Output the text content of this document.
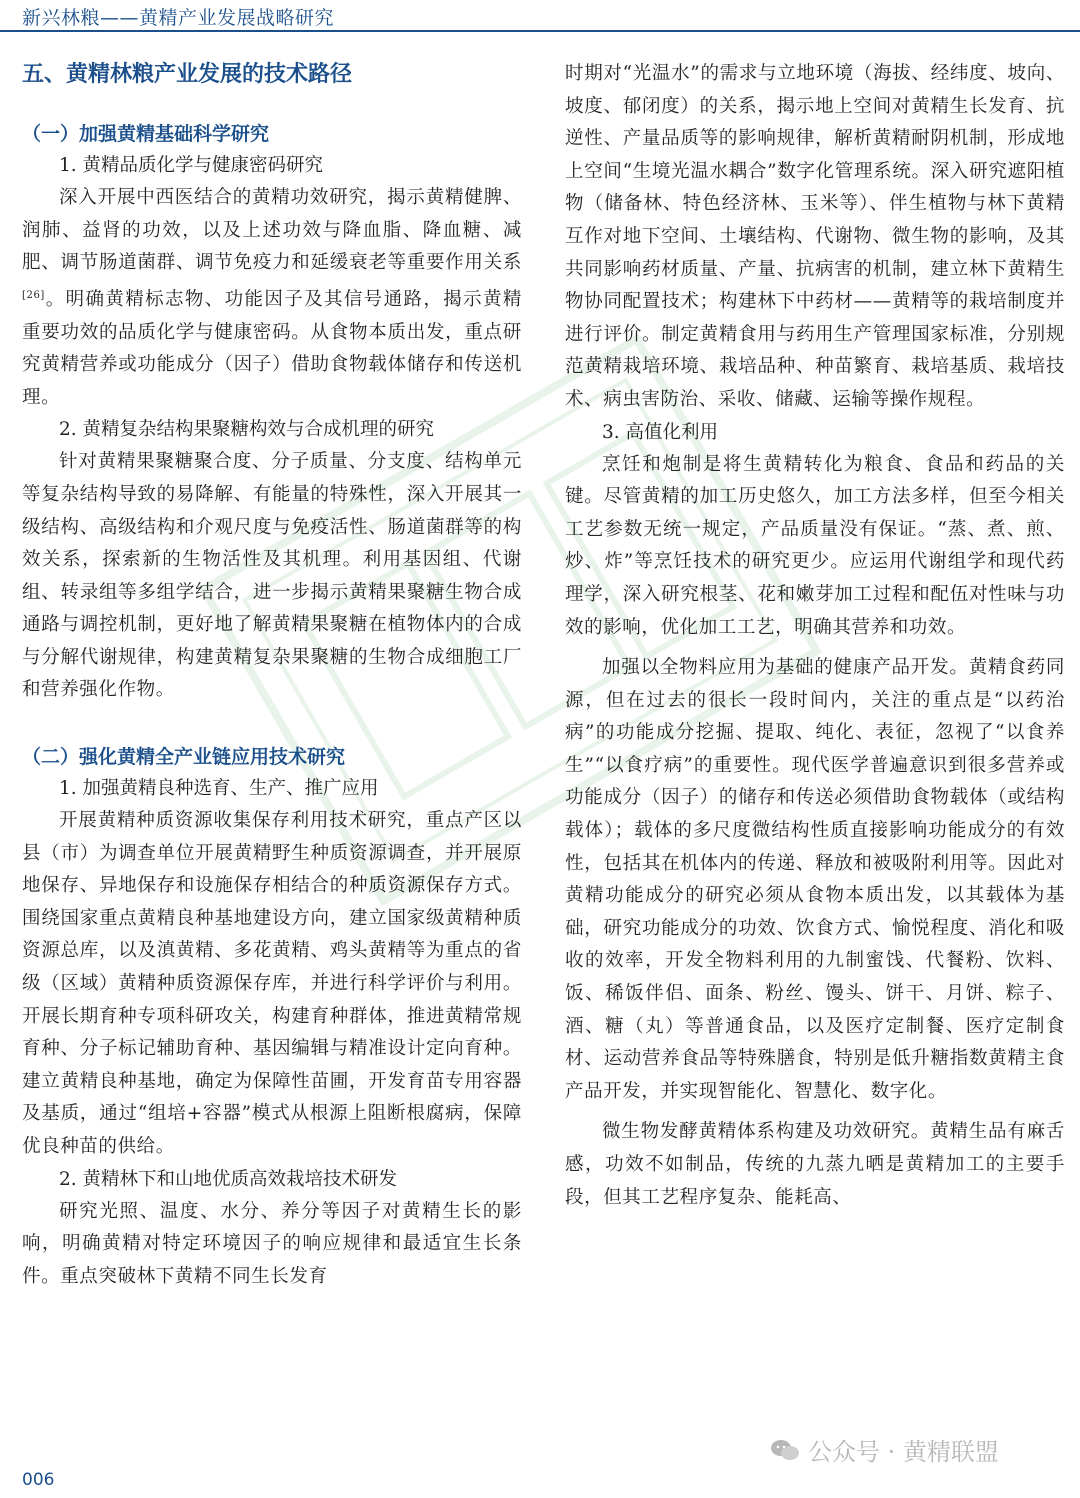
新兴林粮——黄精产业发展战略研究
五、黄精林粮产业发展的技术路径
（一）加强黄精基础科学研究

1. 黄精品质化学与健康密码研究

深入开展中西医结合的黄精功效研究，揭示黄精健脾、润肺、益肾的功效，以及上述功效与降血脂、降血糖、减肥、调节肠道菌群、调节免疫力和延缓衰老等重要作用关系[26]。明确黄精标志物、功能因子及其信号通路，揭示黄精重要功效的品质化学与健康密码。从食物本质出发，重点研究黄精营养或功能成分（因子）借助食物载体储存和传送机理。

2. 黄精复杂结构果聚糖构效与合成机理的研究

针对黄精果聚糖聚合度、分子质量、分支度、结构单元等复杂结构导致的易降解、有能量的特殊性，深入开展其一级结构、高级结构和介观尺度与免疫活性、肠道菌群等的构效关系，探索新的生物活性及其机理。利用基因组、代谢组、转录组等多组学结合，进一步揭示黄精果聚糖生物合成通路与调控机制，更好地了解黄精果聚糖在植物体内的合成与分解代谢规律，构建黄精复杂果聚糖的生物合成细胞工厂和营养强化作物。

（二）强化黄精全产业链应用技术研究

1. 加强黄精良种选育、生产、推广应用

开展黄精种质资源收集保存利用技术研究，重点产区以县（市）为调查单位开展黄精野生种质资源调查，并开展原地保存、异地保存和设施保存相结合的种质资源保存方式。围绕国家重点黄精良种基地建设方向，建立国家级黄精种质资源总库，以及滇黄精、多花黄精、鸡头黄精等为重点的省级（区域）黄精种质资源保存库，并进行科学评价与利用。开展长期育种专项科研攻关，构建育种群体，推进黄精常规育种、分子标记辅助育种、基因编辑与精准设计定向育种。建立黄精良种基地，确定为保障性苗圃，开发育苗专用容器及基质，通过“组培+容器”模式从根源上阻断根腐病，保障优良种苗的供给。

2. 黄精林下和山地优质高效栽培技术研发

研究光照、温度、水分、养分等因子对黄精生长的影响，明确黄精对特定环境因子的响应规律和最适宜生长条件。重点突破林下黄精不同生长发育

时期对“光温水”的需求与立地环境（海拔、经纬度、坡向、坡度、郁闭度）的关系，揭示地上空间对黄精生长发育、抗逆性、产量品质等的影响规律，解析黄精耐阴机制，形成地上空间“生境光温水耦合”数字化管理系统。深入研究遮阳植物（储备林、特色经济林、玉米等）、伴生植物与林下黄精互作对地下空间、土壤结构、代谢物、微生物的影响，及其共同影响药材质量、产量、抗病害的机制，建立林下黄精生物协同配置技术；构建林下中药材——黄精等的栽培制度并进行评价。制定黄精食用与药用生产管理国家标准，分别规范黄精栽培环境、栽培品种、种苗繁育、栽培基质、栽培技术、病虫害防治、采收、储藏、运输等操作规程。

3. 高值化利用

烹饪和炮制是将生黄精转化为粮食、食品和药品的关键。尽管黄精的加工历史悠久，加工方法多样，但至今相关工艺参数无统一规定，产品质量没有保证。“蒸、煮、煎、炒、炸”等烹饪技术的研究更少。应运用代谢组学和现代药理学，深入研究根茎、花和嫩芽加工过程和配伍对性味与功效的影响，优化加工工艺，明确其营养和功效。

加强以全物料应用为基础的健康产品开发。黄精食药同源，但在过去的很长一段时间内，关注的重点是“以药治病”的功能成分挖掘、提取、纯化、表征，忽视了“以食养生”“以食疗病”的重要性。现代医学普遍意识到很多营养或功能成分（因子）的储存和传送必须借助食物载体（或结构载体）；载体的多尺度微结构性质直接影响功能成分的有效性，包括其在机体内的传递、释放和被吸附利用等。因此对黄精功能成分的研究必须从食物本质出发，以其载体为基础，研究功能成分的功效、饮食方式、愉悦程度、消化和吸收的效率，开发全物料利用的九制蜜饯、代餐粉、饮料、饭、稀饭伴侣、面条、粉丝、馒头、饼干、月饼、粽子、酒、糖（丸）等普通食品，以及医疗定制餐、医疗定制食材、运动营养食品等特殊膳食，特别是低升糖指数黄精主食产品开发，并实现智能化、智慧化、数字化。

微生物发酵黄精体系构建及功效研究。黄精生品有麻舌感，功效不如制品，传统的九蒸九晒是黄精加工的主要手段，但其工艺程序复杂、能耗高、

公众号 · 黄精联盟
006
